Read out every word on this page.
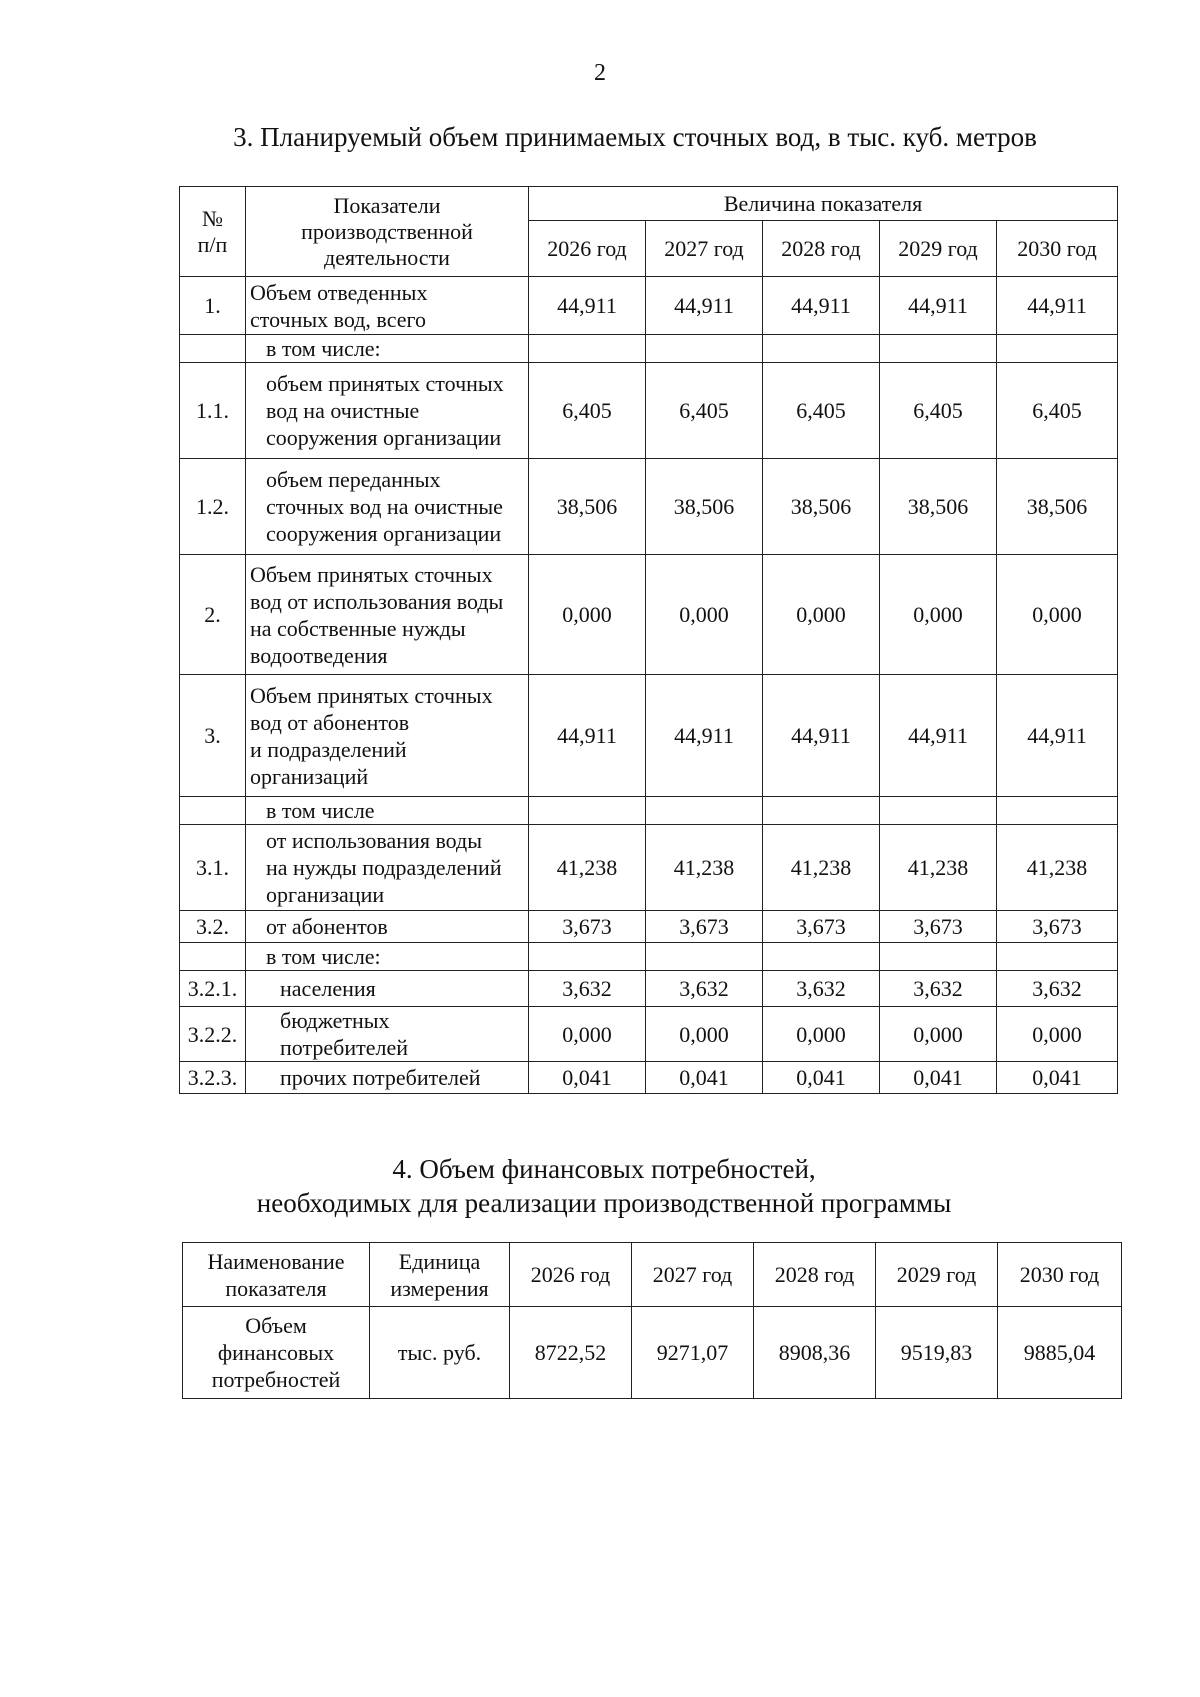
2
3. Планируемый объем принимаемых сточных вод, в тыс. куб. метров
№
п/п	Показатели
производственной
деятельности	Величина показателя				
		2026 год	2027 год	2028 год	2029 год	2030 год
1.	Объем отведенных
сточных вод, всего	44,911	44,911	44,911	44,911	44,911
	в том числе:					
1.1.	объем принятых сточных
вод на очистные
сооружения организации	6,405	6,405	6,405	6,405	6,405
1.2.	объем переданных
сточных вод на очистные
сооружения организации	38,506	38,506	38,506	38,506	38,506
2.	Объем принятых сточных
вод от использования воды
на собственные нужды
водоотведения	0,000	0,000	0,000	0,000	0,000
3.	Объем принятых сточных
вод от абонентов
и подразделений
организаций	44,911	44,911	44,911	44,911	44,911
	в том числе					
3.1.	от использования воды
на нужды подразделений
организации	41,238	41,238	41,238	41,238	41,238
3.2.	от абонентов	3,673	3,673	3,673	3,673	3,673
	в том числе:					
3.2.1.	населения	3,632	3,632	3,632	3,632	3,632
3.2.2.	бюджетных
потребителей	0,000	0,000	0,000	0,000	0,000
3.2.3.	прочих потребителей	0,041	0,041	0,041	0,041	0,041
4. Объем финансовых потребностей,
необходимых для реализации производственной программы
Наименование
показателя	Единица
измерения	2026 год	2027 год	2028 год	2029 год	2030 год
Объем
финансовых
потребностей	тыс. руб.	8722,52	9271,07	8908,36	9519,83	9885,04
